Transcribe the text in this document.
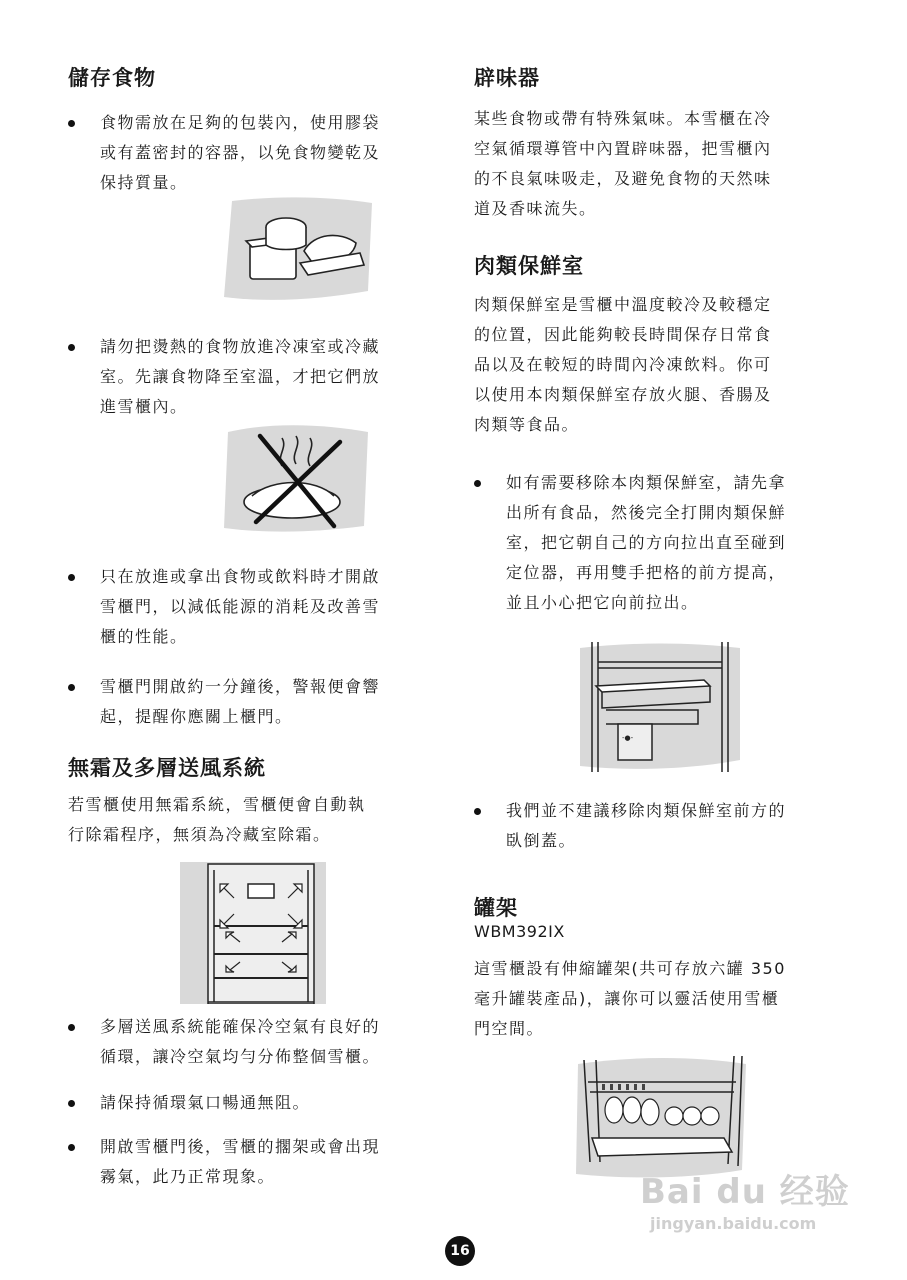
儲存食物
食物需放在足夠的包裝內，使用膠袋
或有蓋密封的容器，以免食物變乾及
保持質量。
請勿把燙熱的食物放進冷凍室或冷藏
室。先讓食物降至室溫，才把它們放
進雪櫃內。
只在放進或拿出食物或飲料時才開啟
雪櫃門，以減低能源的消耗及改善雪
櫃的性能。
雪櫃門開啟約一分鐘後，警報便會響
起，提醒你應關上櫃門。
無霜及多層送風系統
若雪櫃使用無霜系統，雪櫃便會自動執
行除霜程序，無須為冷藏室除霜。
多層送風系統能確保冷空氣有良好的
循環，讓冷空氣均勻分佈整個雪櫃。
請保持循環氣口暢通無阻。
開啟雪櫃門後，雪櫃的擱架或會出現
霧氣，此乃正常現象。
辟味器
某些食物或帶有特殊氣味。本雪櫃在冷
空氣循環導管中內置辟味器，把雪櫃內
的不良氣味吸走，及避免食物的天然味
道及香味流失。
肉類保鮮室
肉類保鮮室是雪櫃中溫度較冷及較穩定
的位置，因此能夠較長時間保存日常食
品以及在較短的時間內冷凍飲料。你可
以使用本肉類保鮮室存放火腿、香腸及
肉類等食品。
如有需要移除本肉類保鮮室，請先拿
出所有食品，然後完全打開肉類保鮮
室，把它朝自己的方向拉出直至碰到
定位器，再用雙手把格的前方提高，
並且小心把它向前拉出。
-●-
我們並不建議移除肉類保鮮室前方的
臥倒蓋。
罐架
WBM392IX
這雪櫃設有伸縮罐架(共可存放六罐 350
毫升罐裝產品)，讓你可以靈活使用雪櫃
門空間。
Bai du 经验
jingyan.baidu.com
16
